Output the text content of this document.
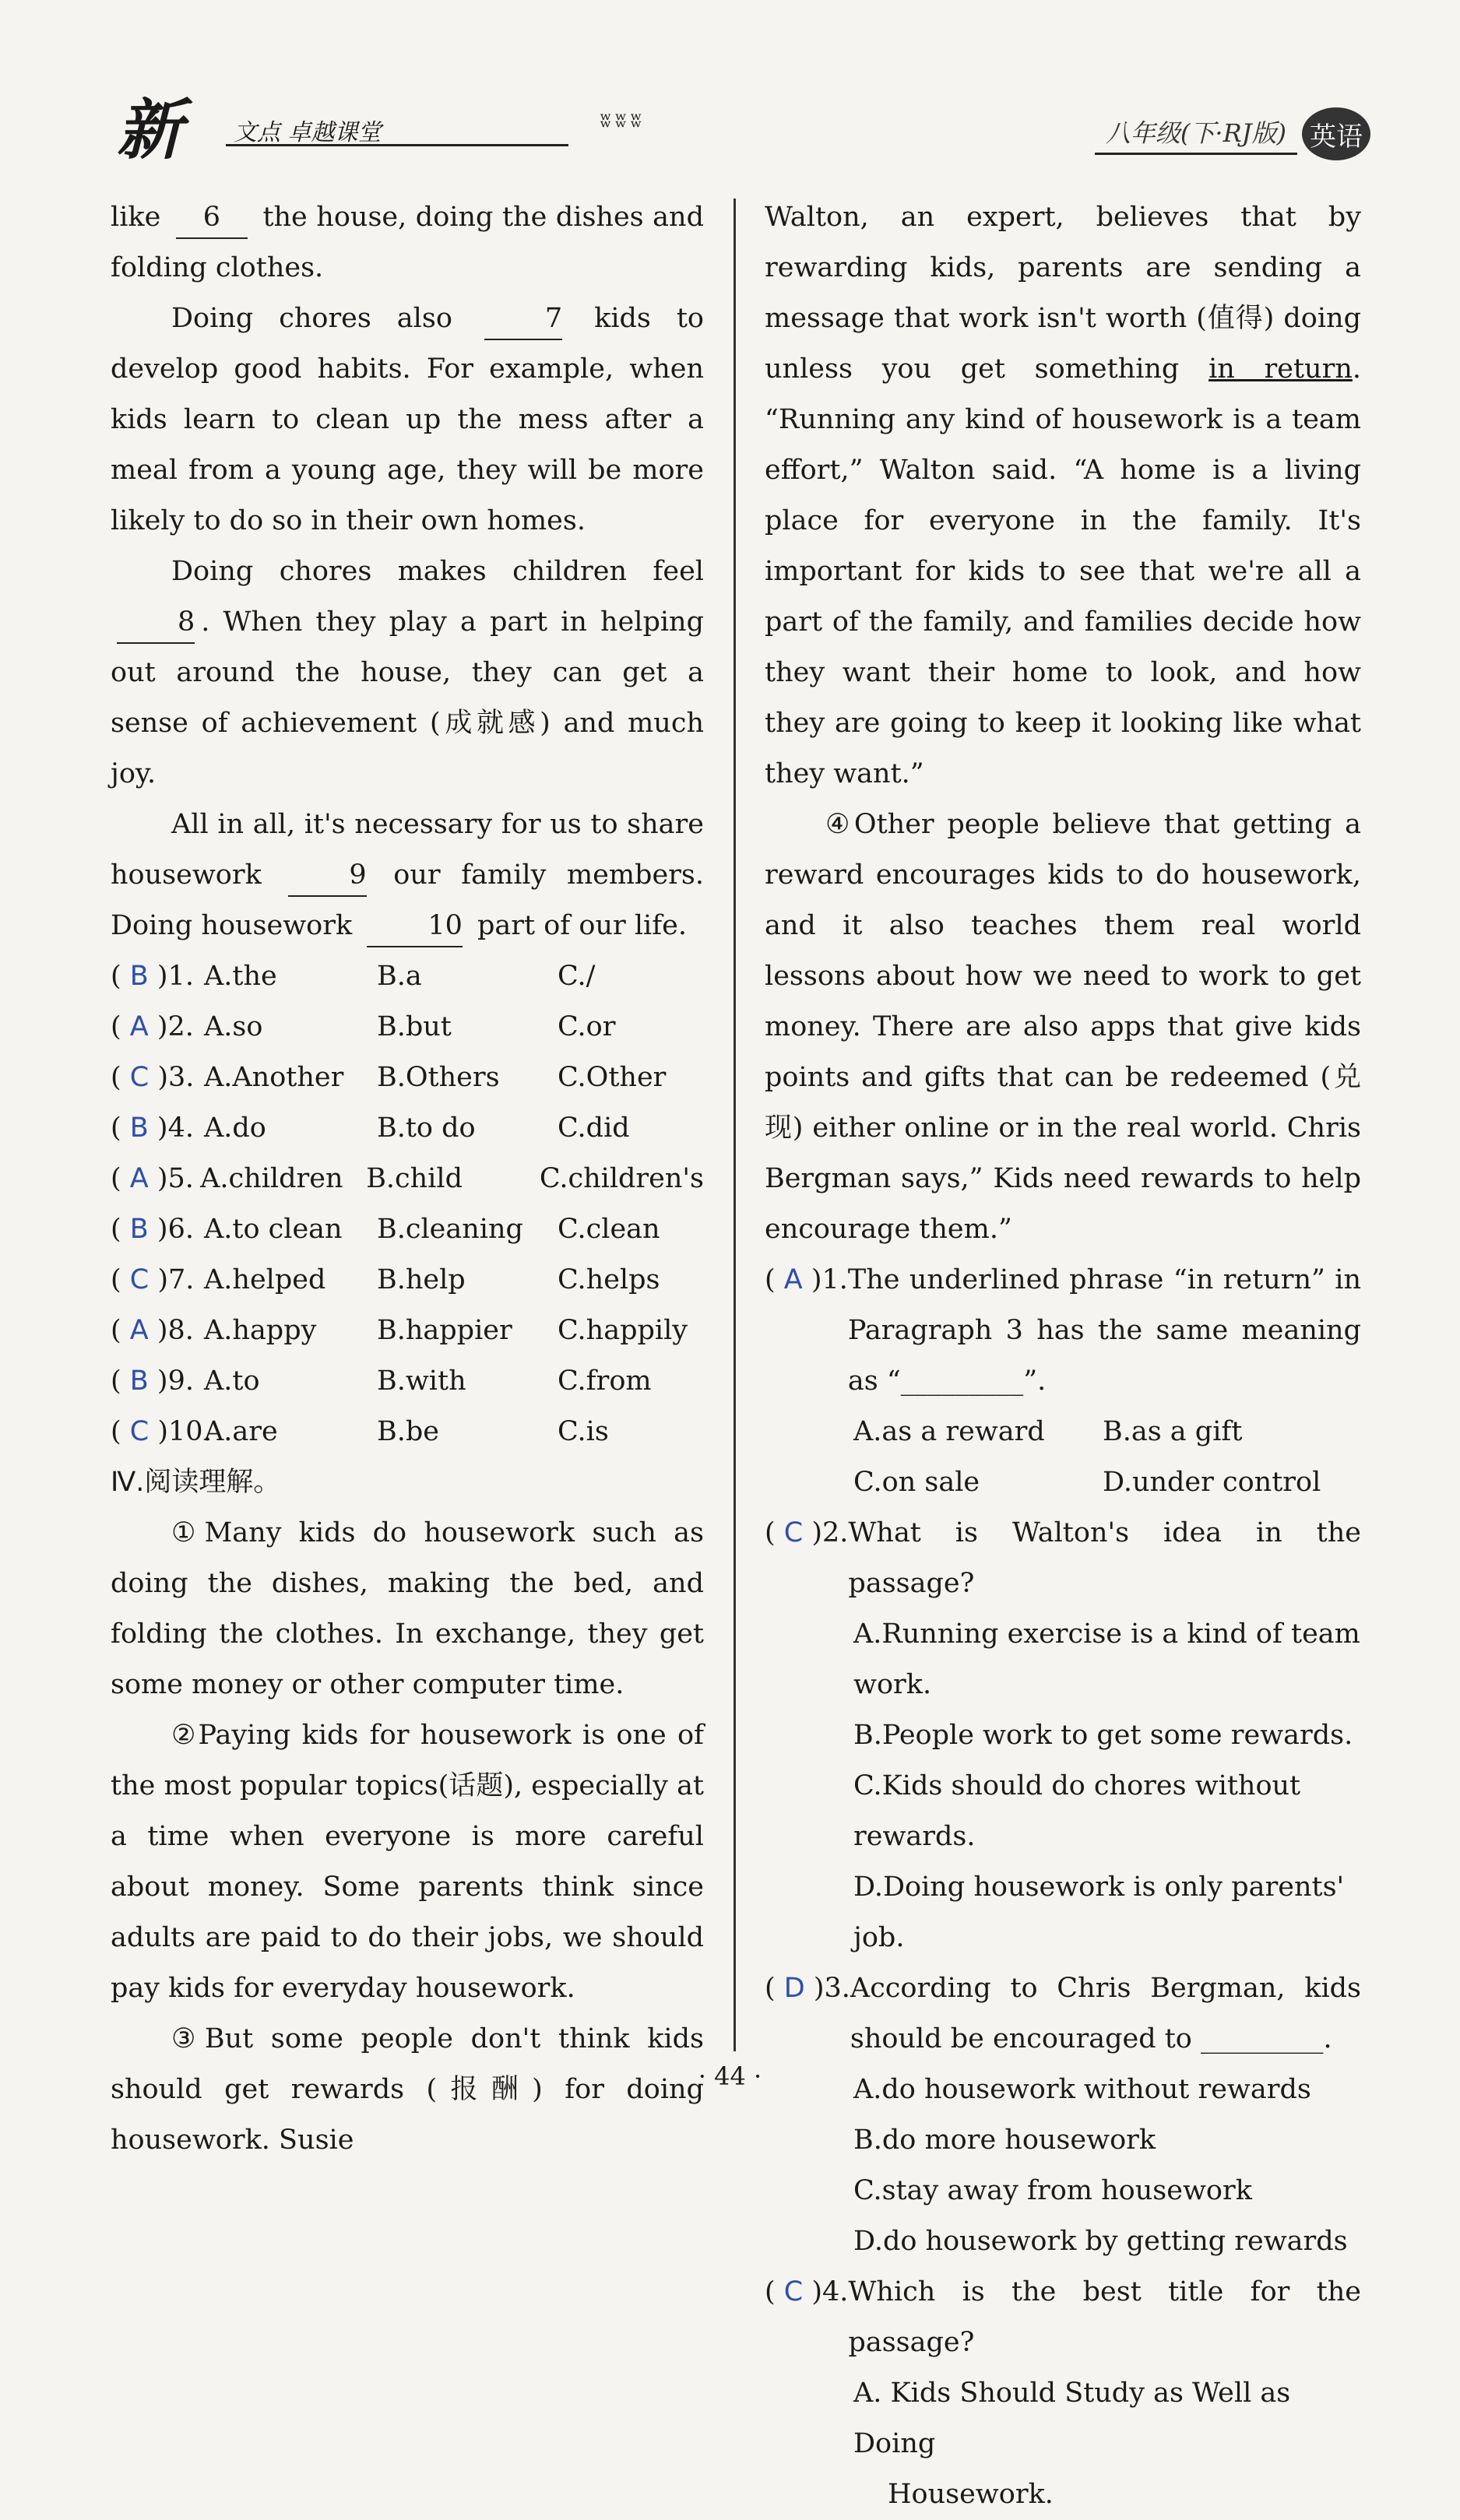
新 文点 卓越课堂	ʬʬʬ	八年级(下·RJ版) 英语

like 6 the house, doing the dishes and folding clothes.

Doing chores also	7 kids to develop good habits. For example, when kids learn to clean up the mess after a meal from a young age, they will be more likely to do so in their own homes.

Doing chores makes children feel 8 . When they play a part in helping out around the house, they can get a sense of achievement (成就感) and much joy.

All in all, it's necessary for us to share housework	9 our family members. Doing housework	10 part of our life.

( B )1. A.the	B.a	C./
( A )2. A.so	B.but	C.or
( C )3. A.Another	B.Others	C.Other
( B )4. A.do	B.to do	C.did
( A )5. A.children B.child	C.children's
( B )6. A.to clean	B.cleaning	C.clean
( C )7. A.helped	B.help	C.helps
( A )8. A.happy	B.happier	C.happily
( B )9. A.to	B.with	C.from
( C )10.
A.are	B.be	C.is

Ⅳ.阅读理解。

①Many kids do housework such as doing the dishes, making the bed, and folding the clothes. In exchange, they get some money or other computer time.

②Paying kids for housework is one of the most popular topics(话题), especially at a time when everyone is more careful about money. Some parents think since adults are paid to do their jobs, we should pay kids for everyday housework.

③But some people don't think kids should get rewards (报酬) for doing housework. Susie

Walton, an expert, believes that by rewarding kids, parents are sending a message that work isn't worth (值得) doing unless you get something in return. “Running any kind of housework is a team effort,” Walton said. “A home is a living place for everyone in the family. It's important for kids to see that we're all a part of the family, and families decide how they want their home to look, and how they are going to keep it looking like what they want.”

④Other people believe that getting a reward encourages kids to do housework, and it also teaches them real world lessons about how we need to work to get money. There are also apps that give kids points and gifts that can be redeemed (兑现) either online or in the real world. Chris Bergman says,” Kids need rewards to help encourage them.”

( A )1. The underlined phrase “in return” in Paragraph 3 has the same meaning as “_________”.

A.as a reward	B.as a gift
C.on sale	D.under control
( C )2. What is Walton's idea in the passage?

A.Running exercise is a kind of team work.
B.People work to get some rewards.
C.Kids should do chores without rewards.
D.Doing housework is only parents' job.
( D )3. According to Chris Bergman, kids should be encouraged to _________.

A.do housework without rewards
B.do more housework
C.stay away from housework
D.do housework by getting rewards
( C )4. Which is the best title for the passage?

A. Kids Should Study as Well as Doing
Housework.
· 44 ·
